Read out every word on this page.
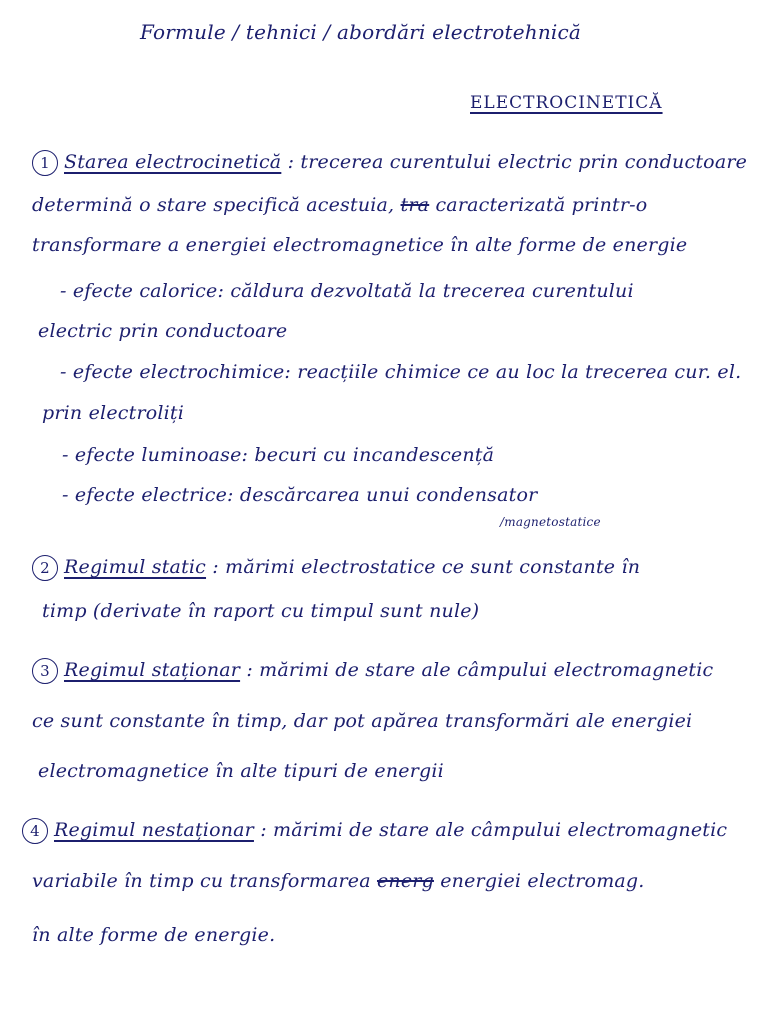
Formule / tehnici / abordări electrotehnică
ELECTROCINETICĂ
1 Starea electrocinetică : trecerea curentului electric prin conductoare
determină o stare specifică acestuia, tra caracterizată printr-o
transformare a energiei electromagnetice în alte forme de energie
- efecte calorice: căldura dezvoltată la trecerea curentului
electric prin conductoare
- efecte electrochimice: reacțiile chimice ce au loc la trecerea cur. el.
prin electroliți
- efecte luminoase: becuri cu incandescență
- efecte electrice: descărcarea unui condensator
/magnetostatice
2 Regimul static : mărimi electrostatice ce sunt constante în
timp (derivate în raport cu timpul sunt nule)
3 Regimul staționar : mărimi de stare ale câmpului electromagnetic
ce sunt constante în timp, dar pot apărea transformări ale energiei
electromagnetice în alte tipuri de energii
4 Regimul nestaționar : mărimi de stare ale câmpului electromagnetic
variabile în timp cu transformarea energ energiei electromag.
în alte forme de energie.
